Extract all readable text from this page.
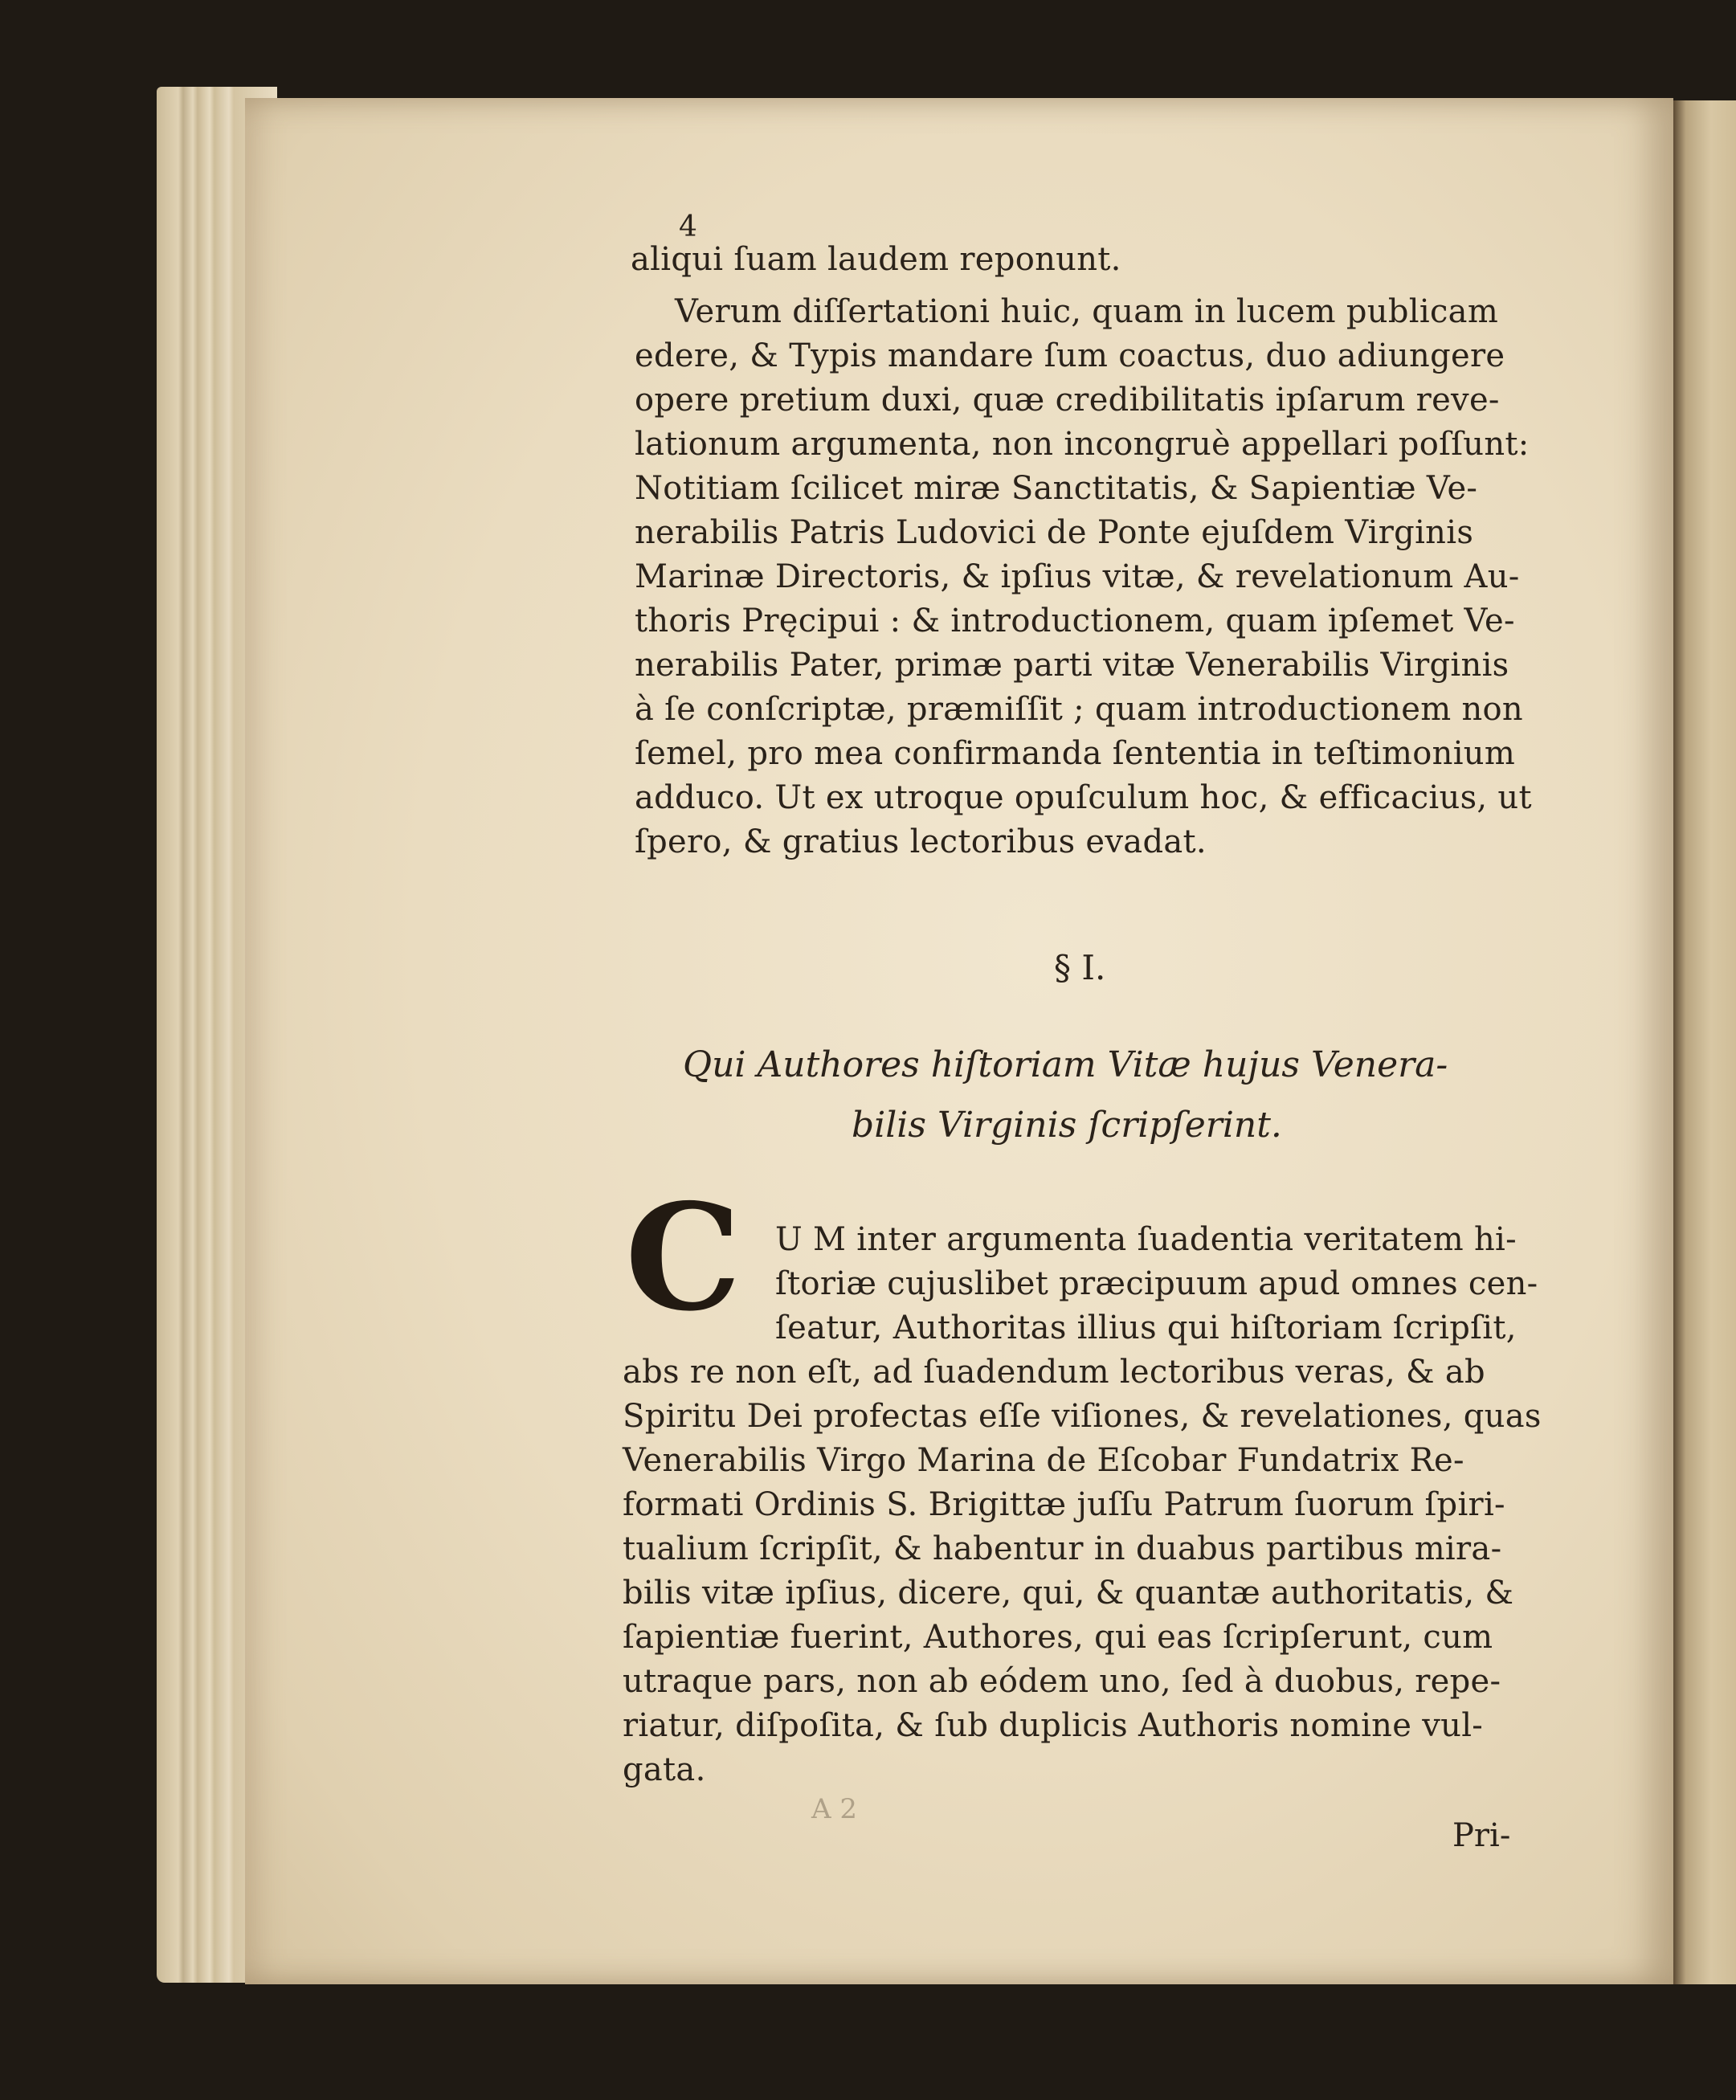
4
aliqui ſuam laudem reponunt.
Verum diſſertationi huic, quam in lucem publicam
edere, & Typis mandare ſum coactus, duo adiungere
opere pretium duxi, quæ credibilitatis ipſarum reve-
lationum argumenta, non incongruè appellari poſſunt:
Notitiam ſcilicet miræ Sanctitatis, & Sapientiæ Ve-
nerabilis Patris Ludovici de Ponte ejuſdem Virginis
Marinæ Directoris, & ipſius vitæ, & revelationum Au-
thoris Pręcipui : & introductionem, quam ipſemet Ve-
nerabilis Pater, primæ parti vitæ Venerabilis Virginis
à ſe conſcriptæ, præmiſſit ; quam introductionem non
ſemel, pro mea confirmanda ſententia in teſtimonium
adduco. Ut ex utroque opuſculum hoc, & efficacius, ut
ſpero, & gratius lectoribus evadat.
§ I.
Qui Authores hiſtoriam Vitæ hujus Venera-
bilis Virginis ſcripſerint.
C U M inter argumenta ſuadentia veritatem hi-
ſtoriæ cujuslibet præcipuum apud omnes cen-
ſeatur, Authoritas illius qui hiſtoriam ſcripſit,
abs re non eſt, ad ſuadendum lectoribus veras, & ab
Spiritu Dei profectas eſſe viſiones, & revelationes, quas
Venerabilis Virgo Marina de Eſcobar Fundatrix Re-
formati Ordinis S. Brigittæ juſſu Patrum ſuorum ſpiri-
tualium ſcripſit, & habentur in duabus partibus mira-
bilis vitæ ipſius, dicere, qui, & quantæ authoritatis, &
ſapientiæ fuerint, Authores, qui eas ſcripſerunt, cum
utraque pars, non ab eódem uno, ſed à duobus, repe-
riatur, diſpoſita, & ſub duplicis Authoris nomine vul-
gata.
A 2
Pri-
